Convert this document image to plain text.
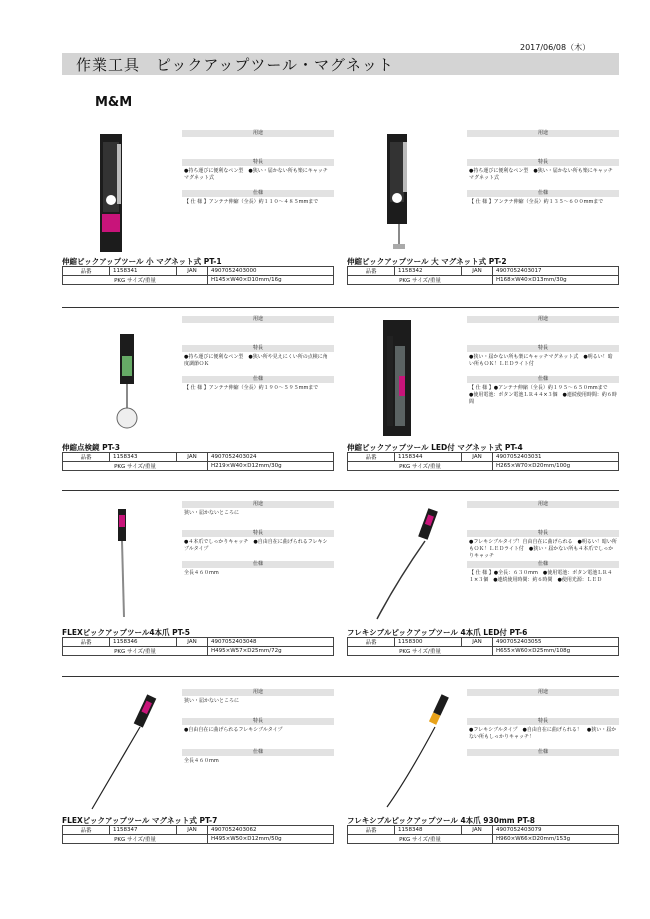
2017/06/08（木）
作業工具　ピックアップツール・マグネット
M&M
用途
特長
●持ち運びに便利なペン型　●狭い・届かない所も楽にキャッチマグネット式
仕様
【 仕 様 】アンテナ伸縮（全長）約１１０～４８５mmまで
伸縮ピックアップツール 小 マグネット式 PT-1
品番	1158341	JAN	4907052403000
PKG サイズ/重量			H145×W40×D10mm/16g
用途
特長
●持ち運びに便利なペン型　●狭い・届かない所も楽にキャッチマグネット式
仕様
【 仕 様 】アンテナ伸縮（全長）約１３５～６００mmまで
伸縮ピックアップツール 大 マグネット式 PT-2
品番	1158342	JAN	4907052403017
PKG サイズ/重量			H168×W40×D13mm/30g
用途
特長
●持ち運びに便利なペン型　●狭い所や見えにくい所の点検に角度調節ＯＫ
仕様
【 仕 様 】アンテナ伸縮（全長）約１９０～５９５mmまで
伸縮点検鏡 PT-3
品番	1158343	JAN	4907052403024
PKG サイズ/重量			H219×W40×D12mm/30g
用途
特長
●狭い・届かない所も楽にキャッチマグネット式　●明るい！暗い所もＯＫ！ＬＥＤライト付
仕様
【 仕 様 】●アンテナ伸縮（全長）約１９５～６５０mmまで　●使用電池：ボタン電池ＬＲ４４×３個　●連続使用時間：約６時間
伸縮ピックアップツール LED付 マグネット式 PT-4
品番	1158344	JAN	4907052403031
PKG サイズ/重量			H265×W70×D20mm/100g
用途
狭い・届かないところに
特長
●４本爪でしっかりキャッチ　●自由自在に曲げられるフレキシブルタイプ
仕様
全長４６０mm
FLEXピックアップツール4本爪 PT-5
品番	1158346	JAN	4907052403048
PKG サイズ/重量			H495×W57×D25mm/72g
用途
特長
●フレキシブルタイプ！自由自在に曲げられる　●明るい！暗い所もＯＫ！ＬＥＤライト付　●狭い・届かない所も４本爪でしっかりキャッチ
仕様
【 仕 様 】●全長：６３０mm　●使用電池：ボタン電池ＬＲ４１×３個　●連続使用時間：約６時間　●使用光源：ＬＥＤ
フレキシブルピックアップツール 4本爪 LED付 PT-6
品番	1158300	JAN	4907052403055
PKG サイズ/重量			H655×W60×D25mm/108g
用途
狭い・届かないところに
特長
●自由自在に曲げられるフレキシブルタイプ
仕様
全長４６０mm
FLEXピックアップツール マグネット式 PT-7
品番	1158347	JAN	4907052403062
PKG サイズ/重量			H495×W50×D12mm/50g
用途
特長
●フレキシブルタイプ　●自由自在に曲げられる！　●狭い・届かない所もしっかりキャッチ！
仕様
フレキシブルピックアップツール 4本爪 930mm PT-8
品番	1158348	JAN	4907052403079
PKG サイズ/重量			H960×W66×D20mm/153g
